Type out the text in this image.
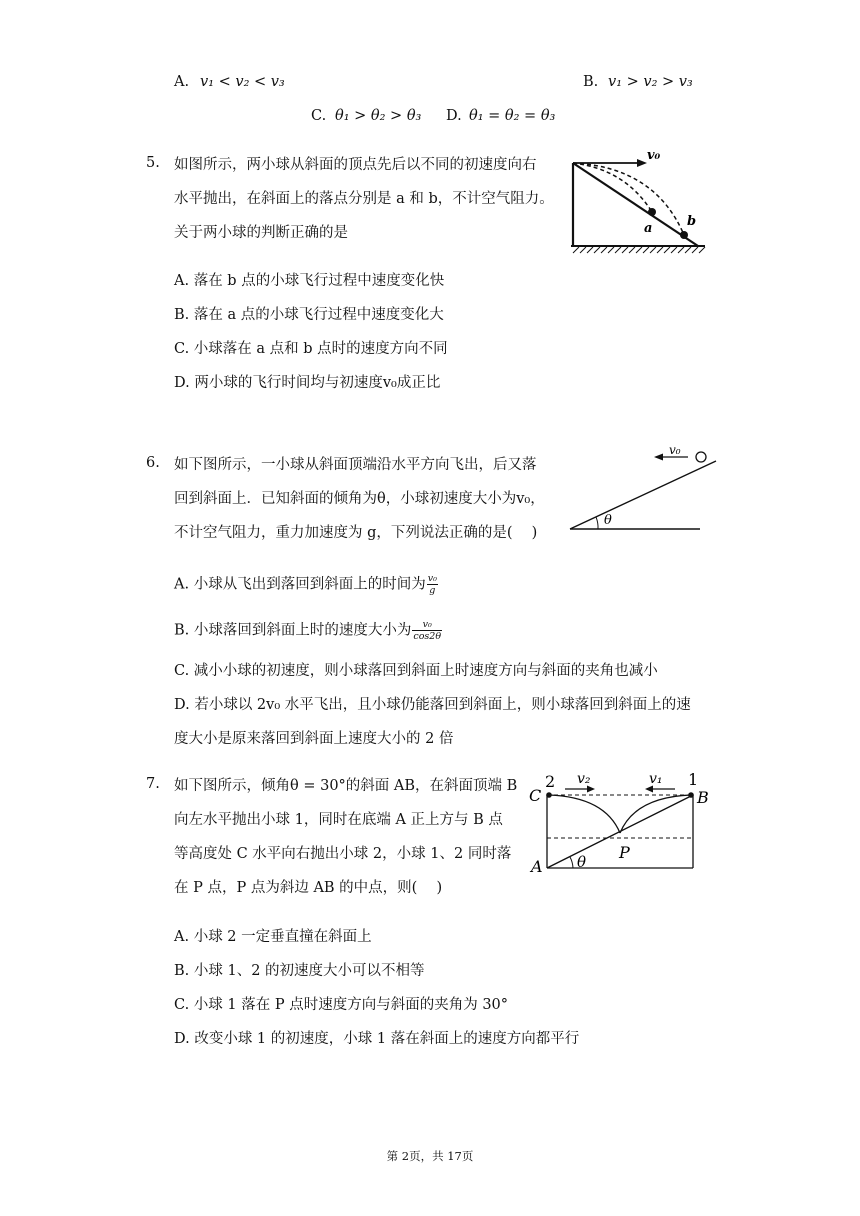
A. v₁ < v₂ < v₃	B. v₁ > v₂ > v₃
C. θ₁ > θ₂ > θ₃ D. θ₁ = θ₂ = θ₃
5. 如图所示，两小球从斜面的顶点先后以不同的初速度向右
水平抛出，在斜面上的落点分别是 a 和 b，不计空气阻力。
关于两小球的判断正确的是
A. 落在 b 点的小球飞行过程中速度变化快
B. 落在 a 点的小球飞行过程中速度变化大
C. 小球落在 a 点和 b 点时的速度方向不同
D. 两小球的飞行时间均与初速度v₀成正比
v₀
a	b
6. 如下图所示，一小球从斜面顶端沿水平方向飞出，后又落
回到斜面上．已知斜面的倾角为θ，小球初速度大小为v₀，
不计空气阻力，重力加速度为 g，下列说法正确的是(　 )
A. 小球从飞出到落回到斜面上的时间为 $\frac{\text{v₀}}{g}$
B. 小球落回到斜面上时的速度大小为 $\frac{\text{v₀}}{\cos 2\theta}$
C. 减小小球的初速度，则小球落回到斜面上时速度方向与斜面的夹角也减小
D. 若小球以 2v₀ 水平飞出，且小球仍能落回到斜面上，则小球落回到斜面上的速
度大小是原来落回到斜面上速度大小的 2 倍
v₀
θ
7. 如下图所示，倾角θ = 30°的斜面 AB，在斜面顶端 B
向左水平抛出小球 1，同时在底端 A 正上方与 B 点
等高度处 C 水平向右抛出小球 2，小球 1、2 同时落
在 P 点，P 点为斜边 AB 的中点，则(　 )
A. 小球 2 一定垂直撞在斜面上
B. 小球 1、2 的初速度大小可以不相等
C. 小球 1 落在 P 点时速度方向与斜面的夹角为 30°
D. 改变小球 1 的初速度，小球 1 落在斜面上的速度方向都平行
2
C
v₂	v₁ 1
B
P
A θ
第 2页，共 17页
